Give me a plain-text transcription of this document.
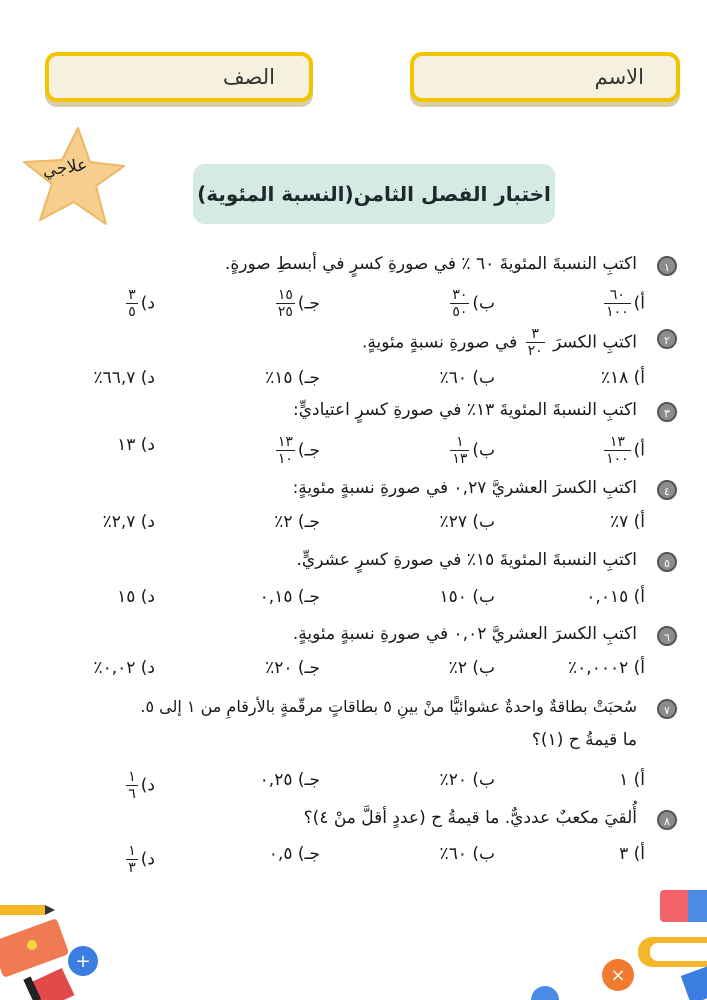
الاسم
الصف
علاجي
اختبار الفصل الثامن(النسبة المئوية)
١
اكتبِ النسبةَ المئويةَ ٦٠ ٪ في صورةِ كسرٍ في أبسطِ صورةٍ.
أ)
$\frac{٦٠}{١٠٠}$
ب)
$\frac{٣٠}{٥٠}$
جـ)
$\frac{١٥}{٢٥}$
د)
$\frac{٣}{٥}$
٢
اكتبِ الكسرَ
$\frac{٣}{٢٠}$
في صورةِ نسبةٍ مئويةٍ.
أ) ١٨٪
ب) ٦٠٪
جـ) ١٥٪
د) ٦٦,٧٪
٣
اكتبِ النسبةَ المئويةَ ١٣٪ في صورةِ كسرٍ اعتياديٍّ:
أ)
$\frac{١٣}{١٠٠}$
ب)
$\frac{١}{١٣}$
جـ)
$\frac{١٣}{١٠}$
د) ١٣
٤
اكتبِ الكسرَ العشريَّ ٠,٢٧ في صورةِ نسبةٍ مئويةٍ:
أ) ٧٪
ب) ٢٧٪
جـ) ٢٪
د) ٢,٧٪
٥
اكتبِ النسبةَ المئويةَ ١٥٪ في صورةِ كسرٍ عشريٍّ.
أ) ٠,٠١٥
ب) ١٥٠
جـ) ٠,١٥
د) ١٥
٦
اكتبِ الكسرَ العشريَّ ٠,٠٢ في صورةِ نسبةٍ مئويةٍ.
أ) ٠,٠٠٠٢٪
ب) ٢٪
جـ) ٢٠٪
د) ٠,٠٢٪
٧
سُحبَتْ بطاقةٌ واحدةٌ عشوائيًّا منْ بينِ ٥ بطاقاتٍ مرقّمةٍ بالأرقامِ من ١ إلى ٥.
ما قيمةُ ح (١)؟
أ) ١
ب) ٢٠٪
جـ) ٠,٢٥
د)
$\frac{١}{٦}$
٨
أُلقيَ مكعبٌ عدديٌّ. ما قيمةُ ح (عددٍ أقلَّ منْ ٤)؟
أ) ٣
ب) ٦٠٪
جـ) ٠,٥
د)
$\frac{١}{٣}$
+
×
